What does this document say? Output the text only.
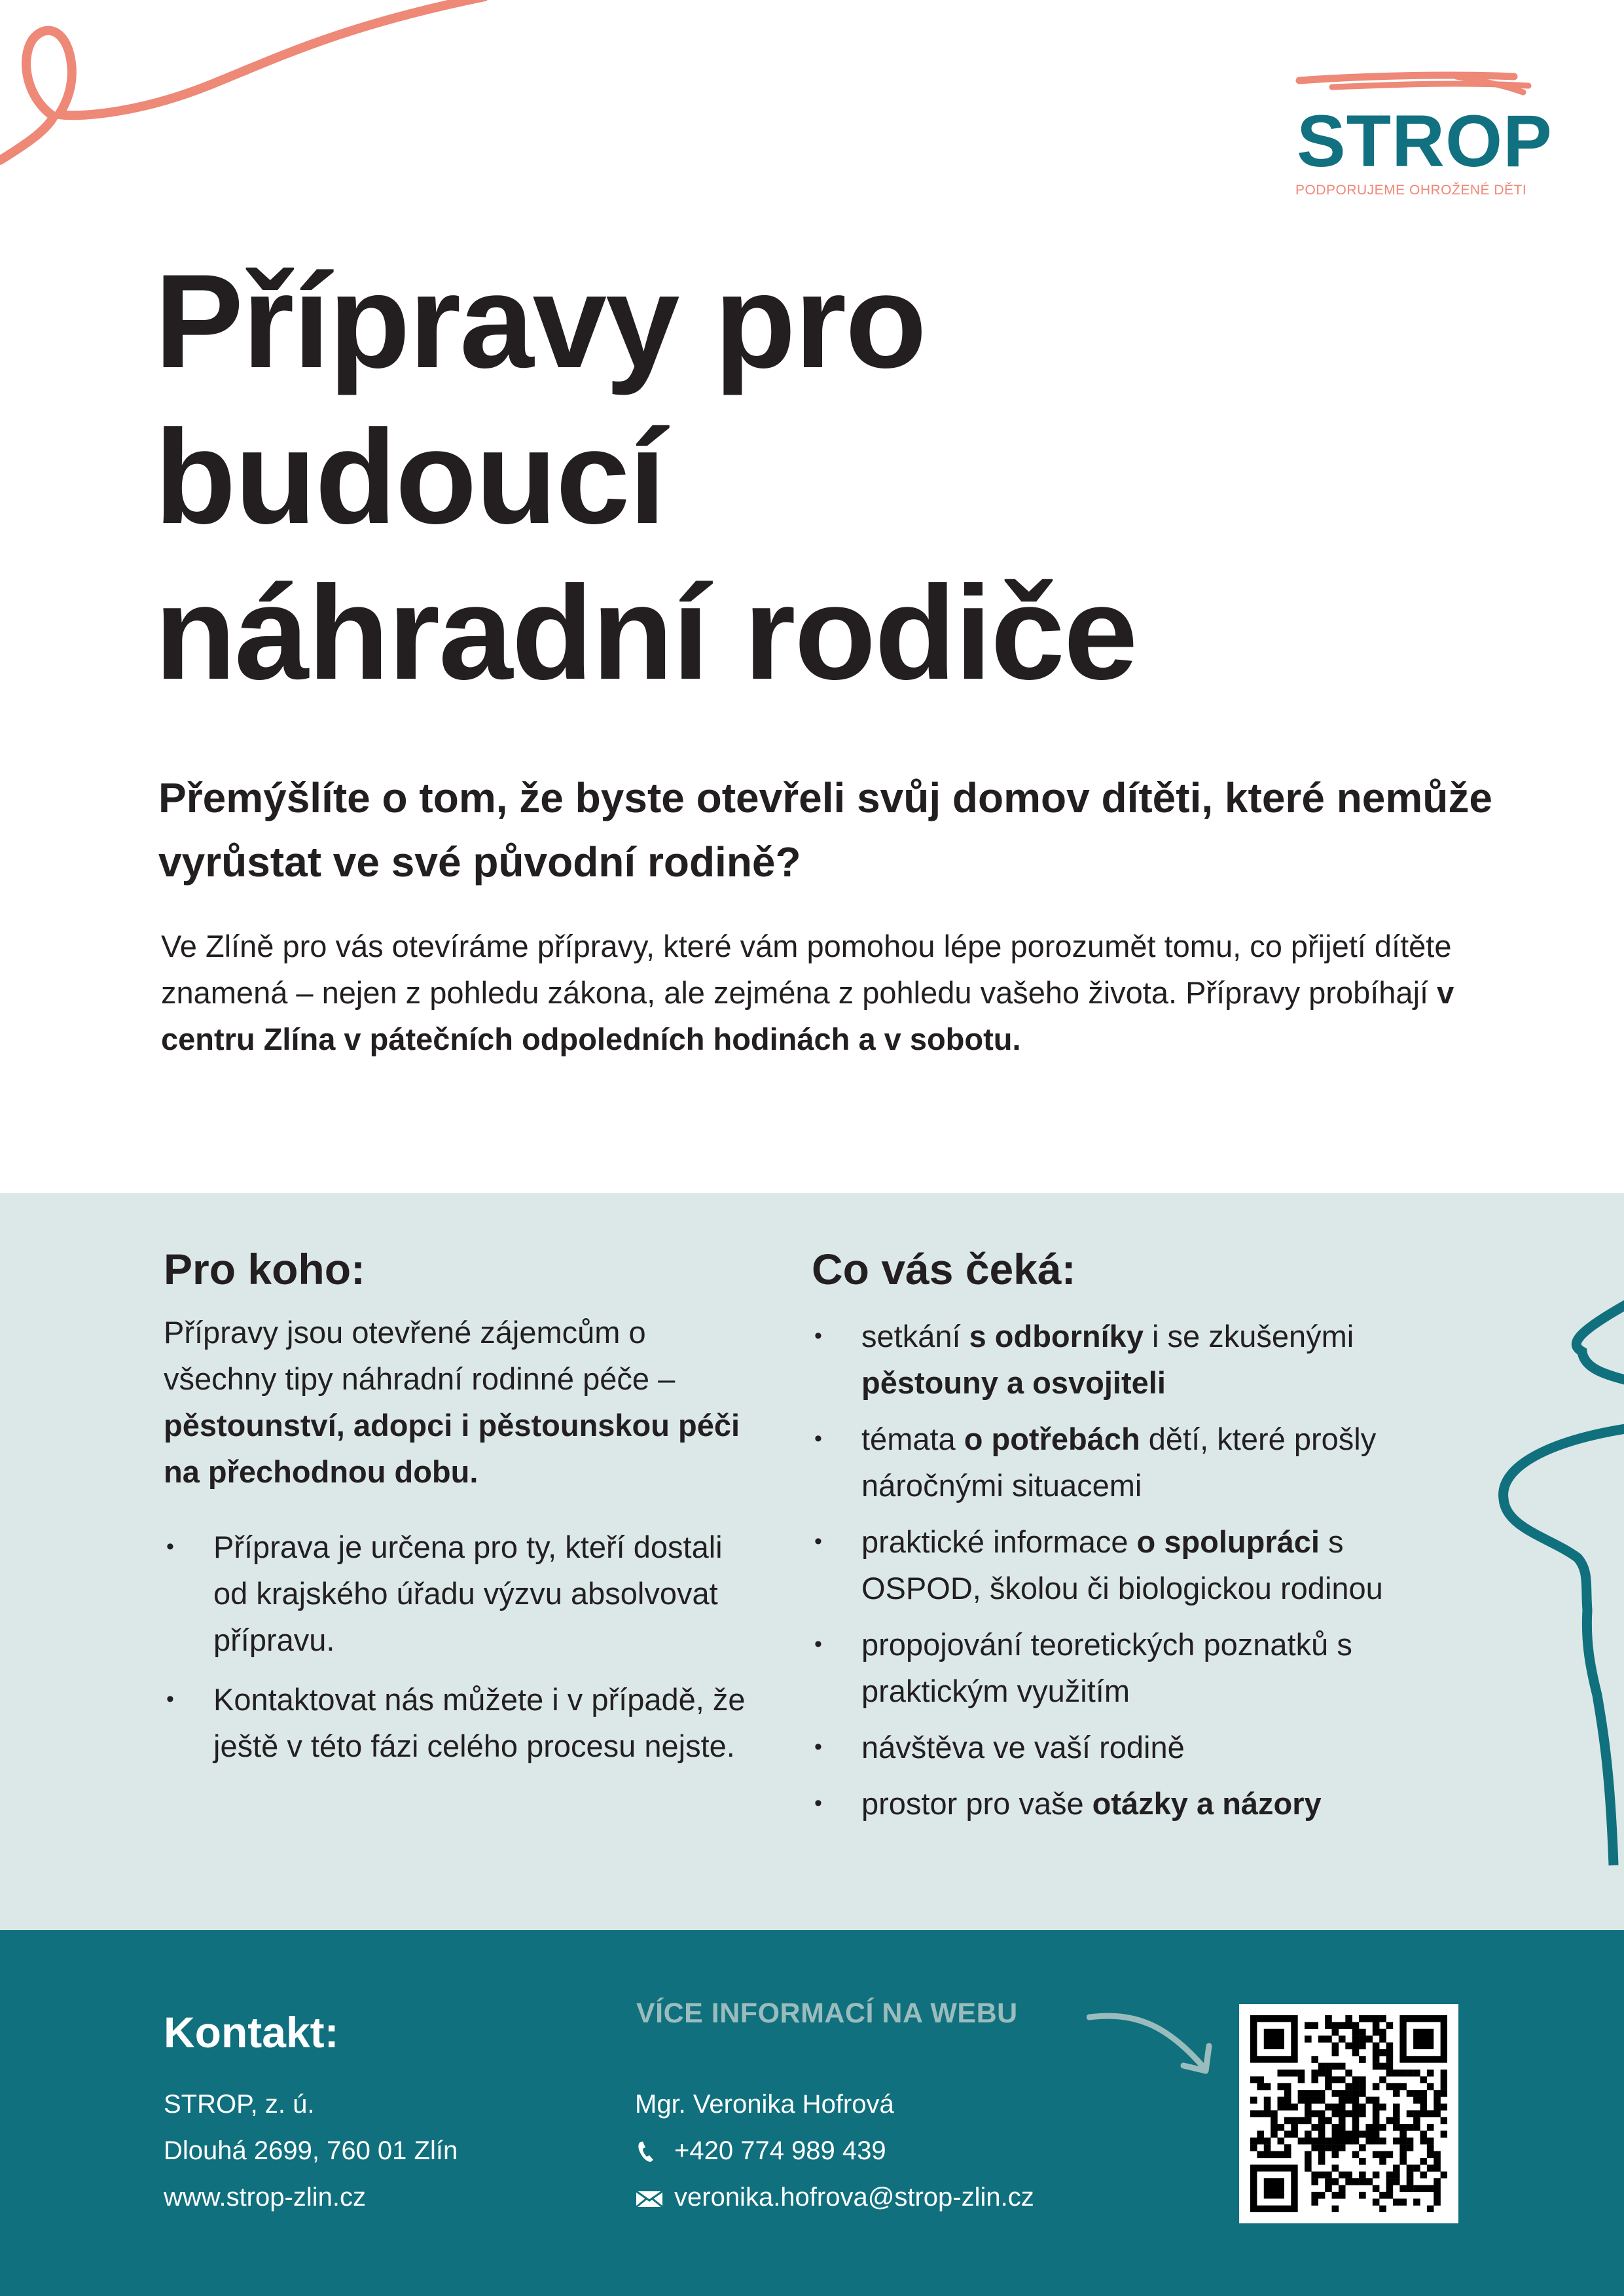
STROP
PODPORUJEME OHROŽENÉ DĚTI
Přípravy pro
budoucí
náhradní rodiče
Přemýšlíte o tom, že byste otevřeli svůj domov dítěti, které nemůže vyrůstat ve své původní rodině?

Ve Zlíně pro vás otevíráme přípravy, které vám pomohou lépe porozumět tomu, co přijetí dítěte znamená – nejen z pohledu zákona, ale zejména z pohledu vašeho života. Přípravy probíhají v centru Zlína v pátečních odpoledních hodinách a v sobotu.

Pro koho:

Přípravy jsou otevřené zájemcům o všechny tipy náhradní rodinné péče – pěstounství, adopci i pěstounskou péči na přechodnou dobu.

• Příprava je určena pro ty, kteří dostali od krajského úřadu výzvu absolvovat přípravu.
• Kontaktovat nás můžete i v případě, že ještě v této fázi celého procesu nejste.
Co vás čeká:
• setkání s odborníky i se zkušenými pěstouny a osvojiteli
• témata o potřebách dětí, které prošly náročnými situacemi
• praktické informace o spolupráci s OSPOD, školou či biologickou rodinou
• propojování teoretických poznatků s praktickým využitím
• návštěva ve vaší rodině
• prostor pro vaše otázky a názory
Kontakt:
STROP, z. ú.
Dlouhá 2699, 760 01 Zlín
www.strop-zlin.cz
VÍCE INFORMACÍ NA WEBU
Mgr. Veronika Hofrová
+420 774 989 439
veronika.hofrova@strop-zlin.cz
